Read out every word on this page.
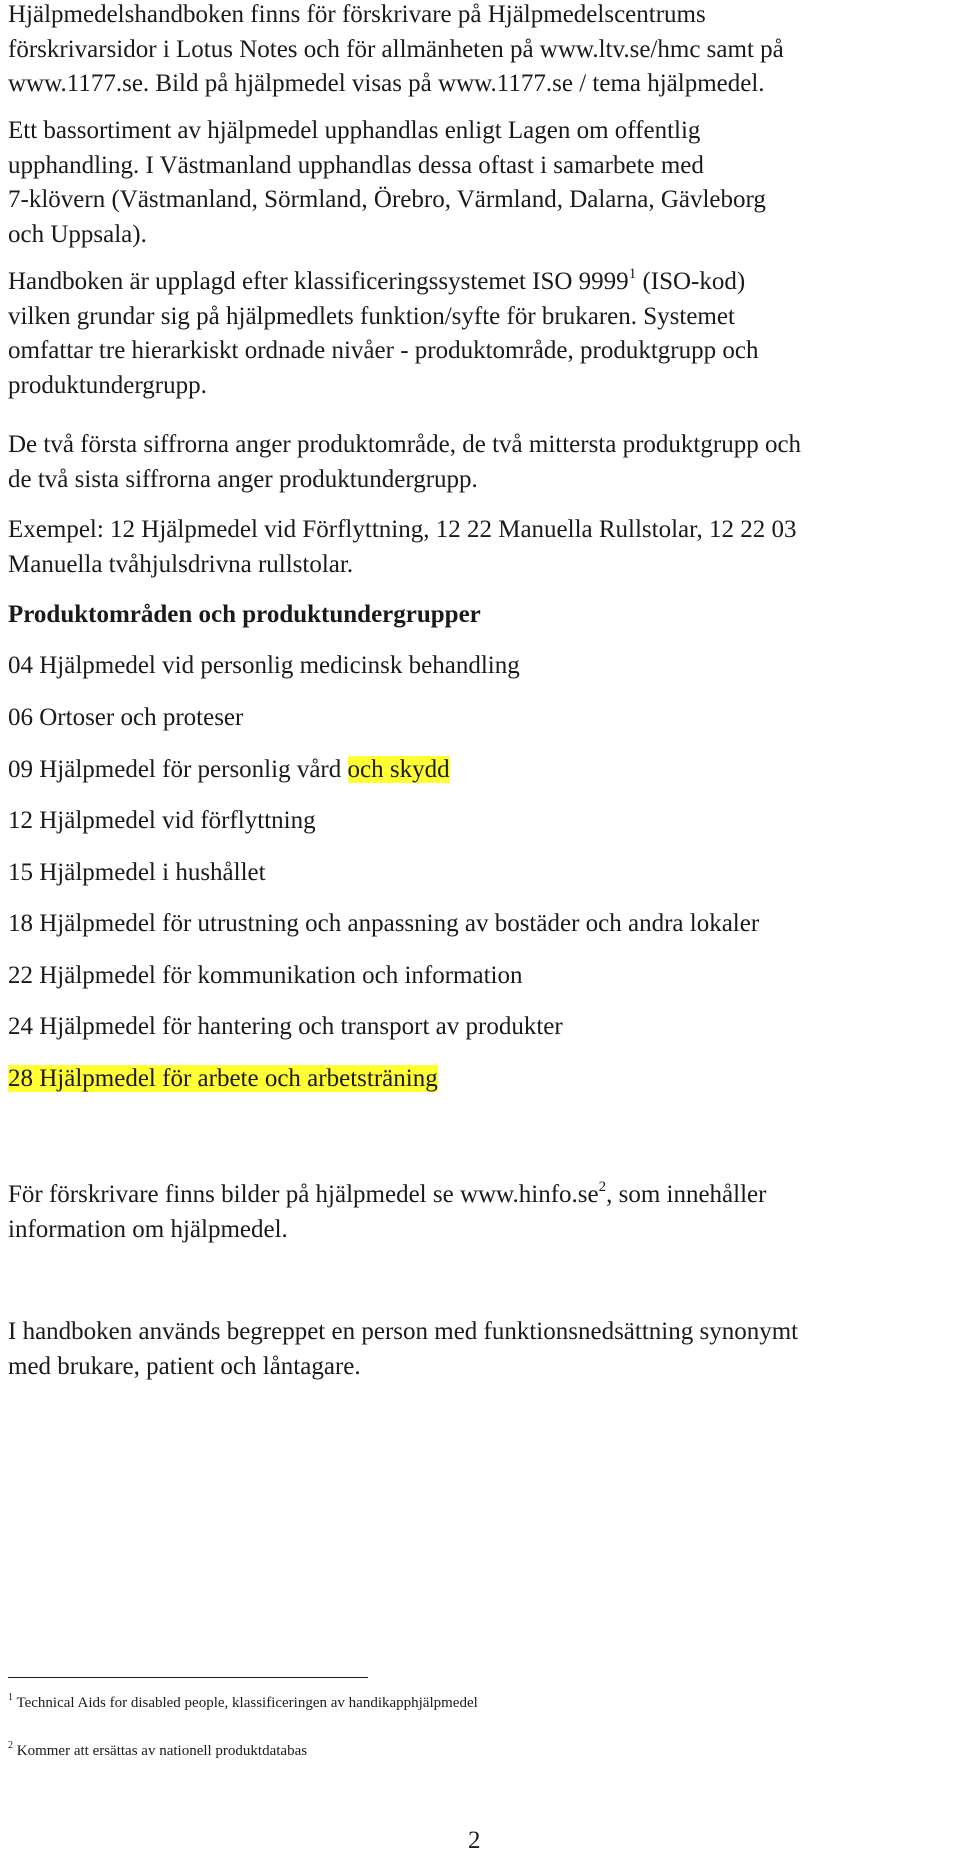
Hjälpmedelshandboken finns för förskrivare på Hjälpmedelscentrums
förskrivarsidor i Lotus Notes och för allmänheten på www.ltv.se/hmc samt på
www.1177.se. Bild på hjälpmedel visas på www.1177.se / tema hjälpmedel.

Ett bassortiment av hjälpmedel upphandlas enligt Lagen om offentlig
upphandling. I Västmanland upphandlas dessa oftast i samarbete med
7-klövern (Västmanland, Sörmland, Örebro, Värmland, Dalarna, Gävleborg
och Uppsala).

Handboken är upplagd efter klassificeringssystemet ISO 9999$^1$ (ISO-kod)
vilken grundar sig på hjälpmedlets funktion/syfte för brukaren. Systemet
omfattar tre hierarkiskt ordnade nivåer - produktområde, produktgrupp och
produktundergrupp.

De två första siffrorna anger produktområde, de två mittersta produktgrupp och
de två sista siffrorna anger produktundergrupp.

Exempel: 12 Hjälpmedel vid Förflyttning, 12 22 Manuella Rullstolar, 12 22 03
Manuella tvåhjulsdrivna rullstolar.

Produktområden och produktundergrupper

04 Hjälpmedel vid personlig medicinsk behandling

06 Ortoser och proteser

09 Hjälpmedel för personlig vård och skydd

12 Hjälpmedel vid förflyttning

15 Hjälpmedel i hushållet

18 Hjälpmedel för utrustning och anpassning av bostäder och andra lokaler

22 Hjälpmedel för kommunikation och information

24 Hjälpmedel för hantering och transport av produkter

28 Hjälpmedel för arbete och arbetsträning

För förskrivare finns bilder på hjälpmedel se $www.hinfo.se^2$, som innehåller
information om hjälpmedel.

I handboken används begreppet en person med funktionsnedsättning synonymt
med brukare, patient och låntagare.

$^1$ Technical Aids for disabled people, klassificeringen av handikapphjälpmedel
$^2$ Kommer att ersättas av nationell produktdatabas
2
